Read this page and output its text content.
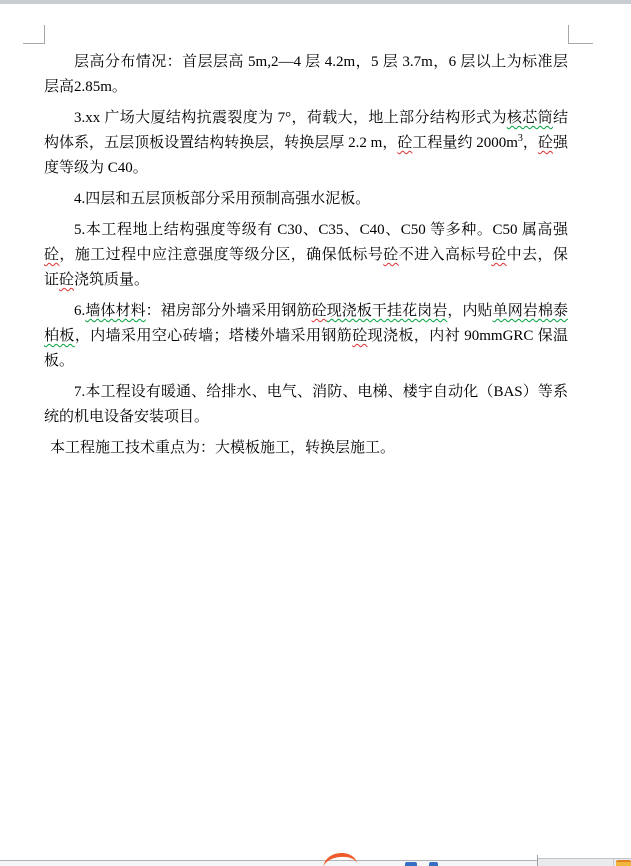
层高分布情况：首层层高 5m,2—4 层 4.2m，5 层 3.7m，6 层以上为标准层层高2.85m。

3.xx 广场大厦结构抗震裂度为 7°，荷载大，地上部分结构形式为核芯筒结构体系，五层顶板设置结构转换层，转换层厚 2.2 m，砼工程量约 $2000m^3$，砼强度等级为 C40。

4.四层和五层顶板部分采用预制高强水泥板。

5.本工程地上结构强度等级有 C30、C35、C40、C50 等多种。C50 属高强砼，施工过程中应注意强度等级分区，确保低标号砼不进入高标号砼中去，保证砼浇筑质量。

6.墙体材料：裙房部分外墙采用钢筋砼现浇板干挂花岗岩，内贴单网岩棉泰柏板，内墙采用空心砖墙；塔楼外墙采用钢筋砼现浇板，内衬 90mmGRC 保温板。

7.本工程设有暖通、给排水、电气、消防、电梯、楼宇自动化（BAS）等系统的机电设备安装项目。

本工程施工技术重点为：大模板施工，转换层施工。
